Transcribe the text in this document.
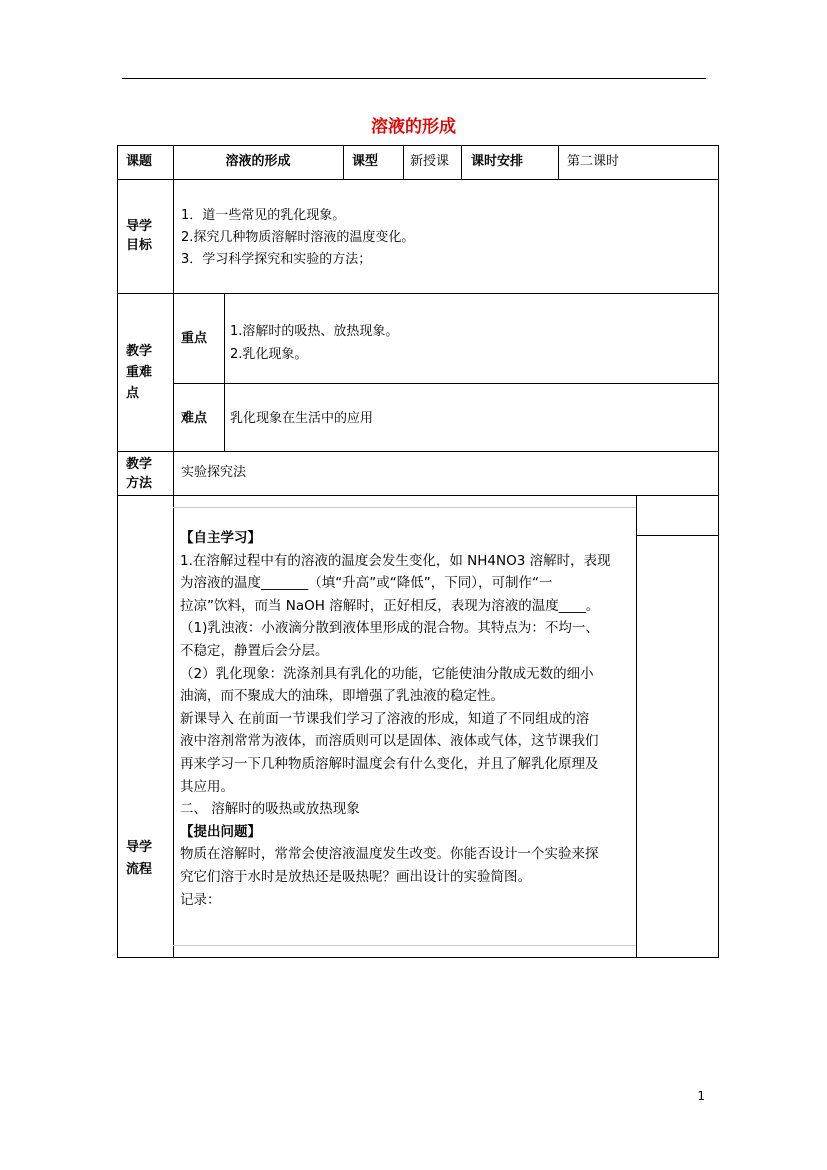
溶液的形成
课题	溶液的形成	课型 新授课 课时安排	第二课时
导学
目标
1．道一些常见的乳化现象。
2.探究几种物质溶解时溶液的温度变化。
3．学习科学探究和实验的方法；
教学
重难
点
重点 1.溶解时的吸热、放热现象。
2.乳化现象。
难点 乳化现象在生活中的应用
教学
方法
实验探究法
导学
流程
【自主学习】
1.在溶解过程中有的溶液的温度会发生变化，如 NH4NO3 溶解时，表现
为溶液的温度_______（填“升高”或“降低”，下同），可制作“一
拉凉”饮料，而当 NaOH 溶解时，正好相反，表现为溶液的温度____。
（1)乳浊液：小液滴分散到液体里形成的混合物。其特点为：不均一、
不稳定，静置后会分层。
（2）乳化现象：洗涤剂具有乳化的功能，它能使油分散成无数的细小
油滴，而不聚成大的油珠，即增强了乳浊液的稳定性。
新课导入 在前面一节课我们学习了溶液的形成，知道了不同组成的溶
液中溶剂常常为液体，而溶质则可以是固体、液体或气体，这节课我们
再来学习一下几种物质溶解时温度会有什么变化，并且了解乳化原理及
其应用。
二、 溶解时的吸热或放热现象
【提出问题】
物质在溶解时，常常会使溶液温度发生改变。你能否设计一个实验来探
究它们溶于水时是放热还是吸热呢？画出设计的实验简图。
记录：
1
